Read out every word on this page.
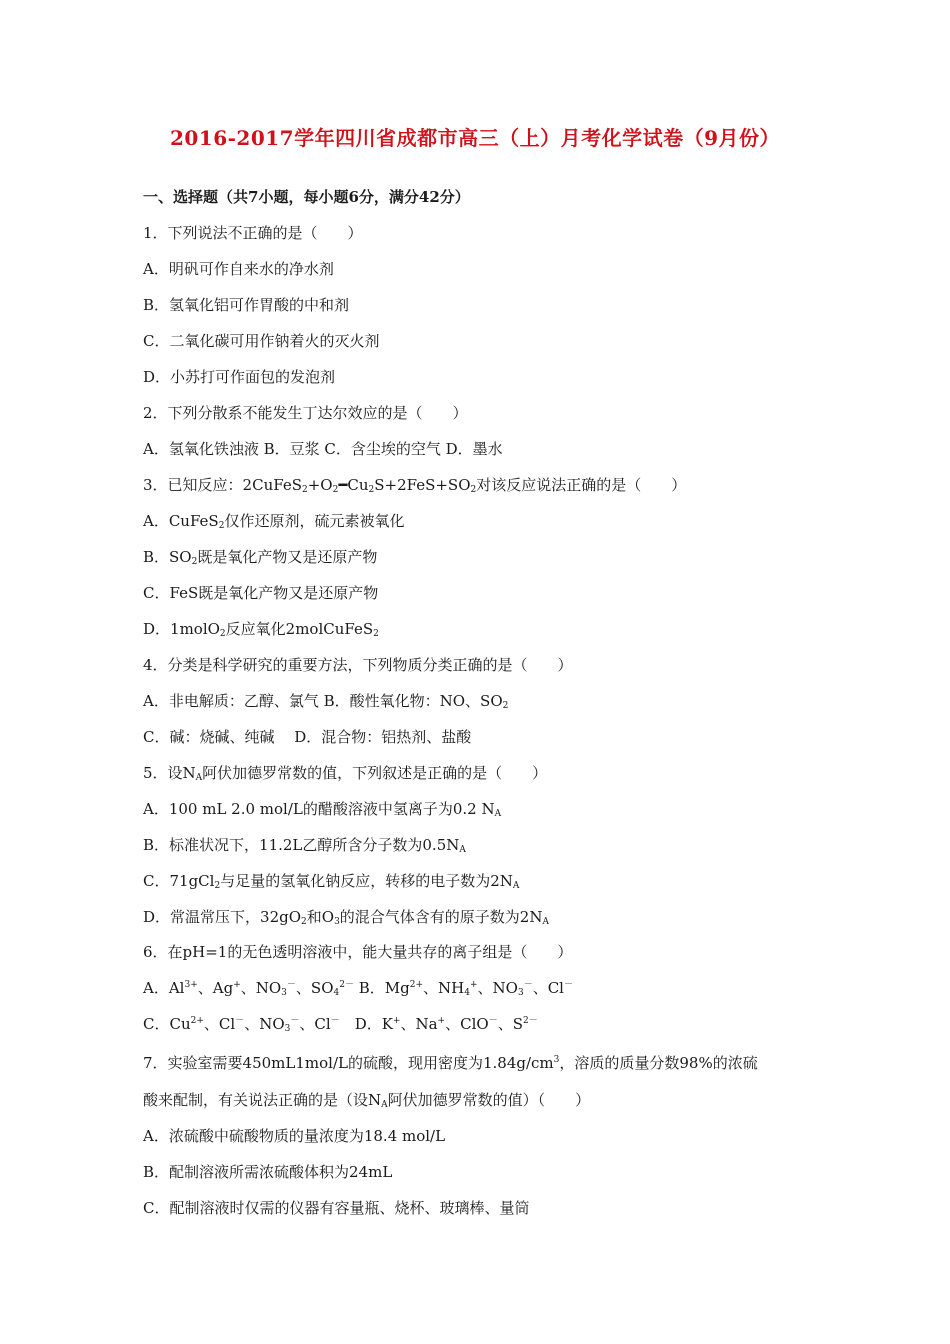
2016-2017学年四川省成都市高三（上）月考化学试卷（9月份）
一、选择题（共7小题，每小题6分，满分42分）
1．下列说法不正确的是（　　）
A．明矾可作自来水的净水剂
B．氢氧化铝可作胃酸的中和剂
C．二氧化碳可用作钠着火的灭火剂
D．小苏打可作面包的发泡剂
2．下列分散系不能发生丁达尔效应的是（　　）
A．氢氧化铁浊液 B．豆浆 C．含尘埃的空气 D．墨水
3．已知反应：$2CuFeS_2+O_2━Cu_2S+2FeS+SO_2$对该反应说法正确的是（　　）
A．CuFeS$_2$仅作还原剂，硫元素被氧化
B．$SO_2$既是氧化产物又是还原产物
C．FeS既是氧化产物又是还原产物
D．1molO$_2$反应氧化2molCuFeS$_2$
4．分类是科学研究的重要方法，下列物质分类正确的是（　　）
A．非电解质：乙醇、氯气 B．酸性氧化物：NO、$SO_2$
C．碱：烧碱、纯碱　 D．混合物：铝热剂、盐酸
5．设$N_A$阿伏加德罗常数的值，下列叙述是正确的是（　　）
A．100 mL 2.0 mol/L的醋酸溶液中氢离子为0.2 $N_A$
B．标准状况下，11.2L乙醇所含分子数为$0.5N_A$
C．71gCl$_2$与足量的氢氧化钠反应，转移的电子数为$2N_A$
D．常温常压下，$32gO_2$和$O_3$的混合气体含有的原子数为$2N_A$
6．在pH=1的无色透明溶液中，能大量共存的离子组是（　　）
A．$Al^{3+}$、Ag+、$NO_3^-$、$SO_4^{2-}$ B．$Mg^{2+}$、$NH_4^+$、$NO_3^-$、Cl－
C．$Cu^{2+}$、Cl－、$NO_3^-$、Cl－　D．K+、Na+、ClO－、$S^{2-}$
7．实验室需要450mL1mol/L的硫酸，现用密度为$1.84g/cm^3$，溶质的质量分数98%的浓硫
酸来配制，有关说法正确的是（设$N_A$阿伏加德罗常数的值）（　　）
A．浓硫酸中硫酸物质的量浓度为18.4 mol/L
B．配制溶液所需浓硫酸体积为24mL
C．配制溶液时仅需的仪器有容量瓶、烧杯、玻璃棒、量筒
